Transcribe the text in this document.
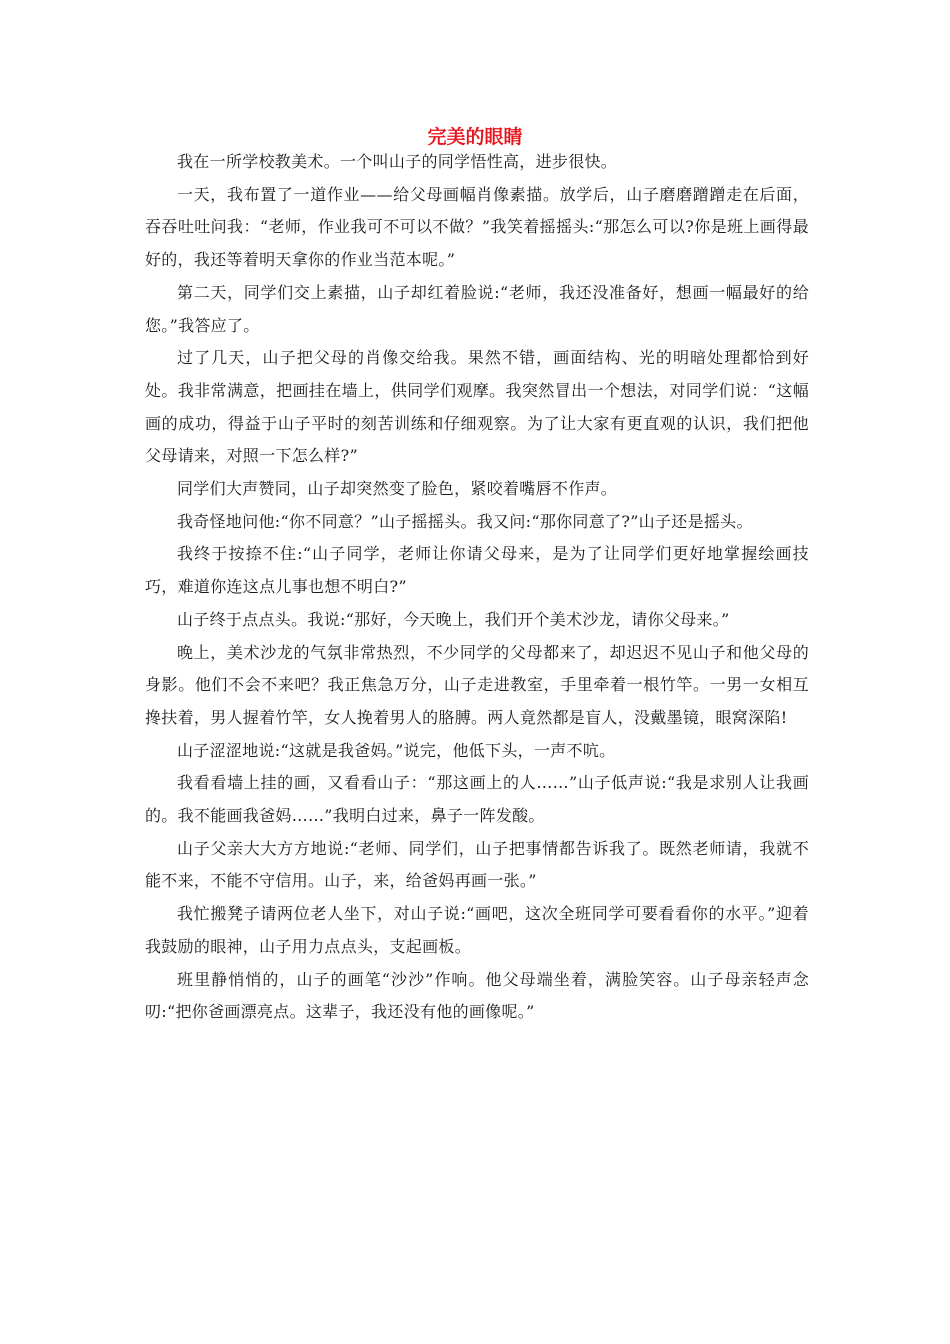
完美的眼睛

我在一所学校教美术。一个叫山子的同学悟性高，进步很快。

一天，我布置了一道作业——给父母画幅肖像素描。放学后，山子磨磨蹭蹭走在后面，吞吞吐吐问我：“老师，作业我可不可以不做？”我笑着摇摇头:“那怎么可以?你是班上画得最好的，我还等着明天拿你的作业当范本呢。”

第二天，同学们交上素描，山子却红着脸说:“老师，我还没准备好，想画一幅最好的给您。”我答应了。

过了几天，山子把父母的肖像交给我。果然不错，画面结构、光的明暗处理都恰到好处。我非常满意，把画挂在墙上，供同学们观摩。我突然冒出一个想法，对同学们说：“这幅画的成功，得益于山子平时的刻苦训练和仔细观察。为了让大家有更直观的认识，我们把他父母请来，对照一下怎么样?”

同学们大声赞同，山子却突然变了脸色，紧咬着嘴唇不作声。

我奇怪地问他:“你不同意？”山子摇摇头。我又问:“那你同意了?”山子还是摇头。

我终于按捺不住:“山子同学，老师让你请父母来，是为了让同学们更好地掌握绘画技巧，难道你连这点儿事也想不明白?”

山子终于点点头。我说:“那好，今天晚上，我们开个美术沙龙，请你父母来。”

晚上，美术沙龙的气氛非常热烈，不少同学的父母都来了，却迟迟不见山子和他父母的身影。他们不会不来吧？我正焦急万分，山子走进教室，手里牵着一根竹竿。一男一女相互搀扶着，男人握着竹竿，女人挽着男人的胳膊。两人竟然都是盲人，没戴墨镜，眼窝深陷!

山子涩涩地说:“这就是我爸妈。”说完，他低下头，一声不吭。

我看看墙上挂的画，又看看山子：“那这画上的人……”山子低声说:“我是求别人让我画的。我不能画我爸妈……”我明白过来，鼻子一阵发酸。

山子父亲大大方方地说:“老师、同学们，山子把事情都告诉我了。既然老师请，我就不能不来，不能不守信用。山子，来，给爸妈再画一张。”

我忙搬凳子请两位老人坐下，对山子说:“画吧，这次全班同学可要看看你的水平。”迎着我鼓励的眼神，山子用力点点头，支起画板。

班里静悄悄的，山子的画笔“沙沙”作响。他父母端坐着，满脸笑容。山子母亲轻声念叨:“把你爸画漂亮点。这辈子，我还没有他的画像呢。”
